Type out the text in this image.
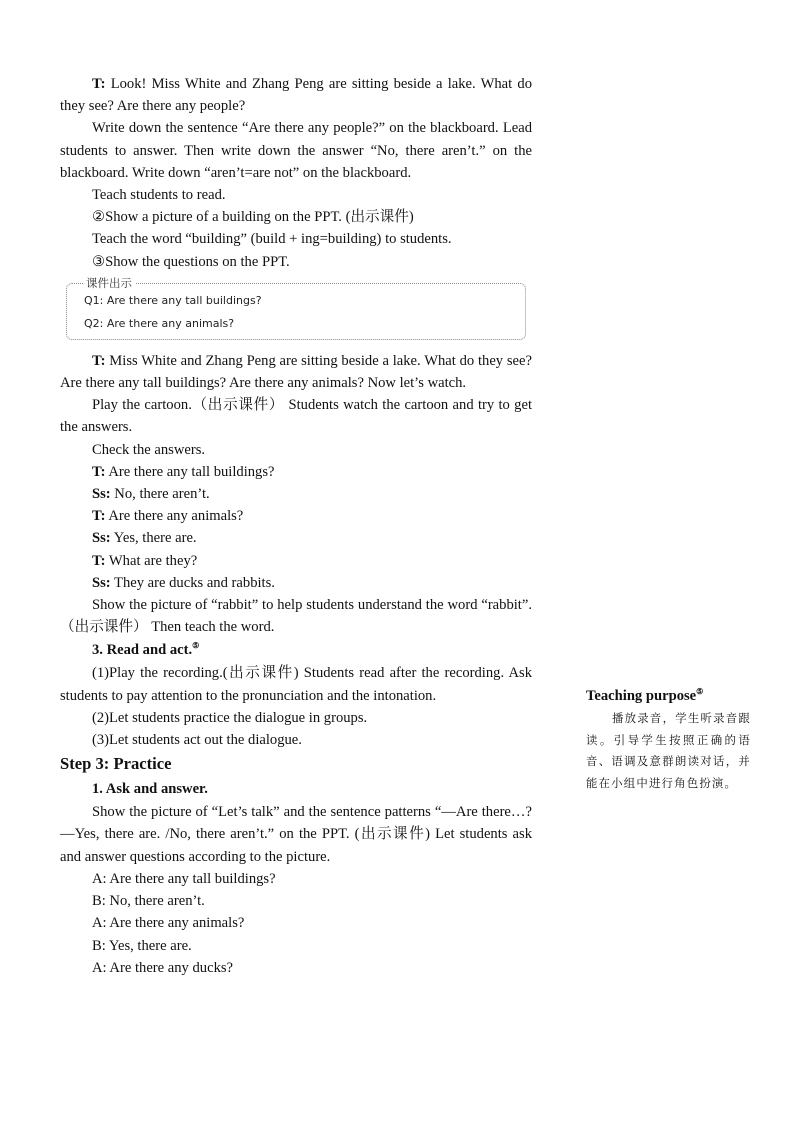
T: Look! Miss White and Zhang Peng are sitting beside a lake. What do they see? Are there any people?

Write down the sentence “Are there any people?” on the blackboard. Lead students to answer. Then write down the answer “No, there aren’t.” on the blackboard. Write down “aren’t=are not” on the blackboard.

Teach students to read.

②Show a picture of a building on the PPT. (出示课件)

Teach the word “building” (build + ing=building) to students.

③Show the questions on the PPT.

课件出示
Q1: Are there any tall buildings?
Q2: Are there any animals?

T: Miss White and Zhang Peng are sitting beside a lake. What do they see? Are there any tall buildings? Are there any animals? Now let’s watch.

Play the cartoon.（出示课件） Students watch the cartoon and try to get the answers.

Check the answers.

T: Are there any tall buildings?

Ss: No, there aren’t.

T: Are there any animals?

Ss: Yes, there are.

T: What are they?

Ss: They are ducks and rabbits.

Show the picture of “rabbit” to help students understand the word “rabbit”. （出示课件） Then teach the word.

3. Read and act.⑤

(1)Play the recording.(出示课件) Students read after the recording. Ask students to pay attention to the pronunciation and the intonation.

(2)Let students practice the dialogue in groups.

(3)Let students act out the dialogue.

Step 3: Practice
1. Ask and answer.

Show the picture of “Let’s talk” and the sentence patterns “—Are there…? —Yes, there are. /No, there aren’t.” on the PPT. (出示课件) Let students ask and answer questions according to the picture.

A: Are there any tall buildings?

B: No, there aren’t.

A: Are there any animals?

B: Yes, there are.

A: Are there any ducks?

Teaching purpose⑤
播放录音，学生听录音跟读。引导学生按照正确的语音、语调及意群朗读对话，并能在小组中进行角色扮演。
